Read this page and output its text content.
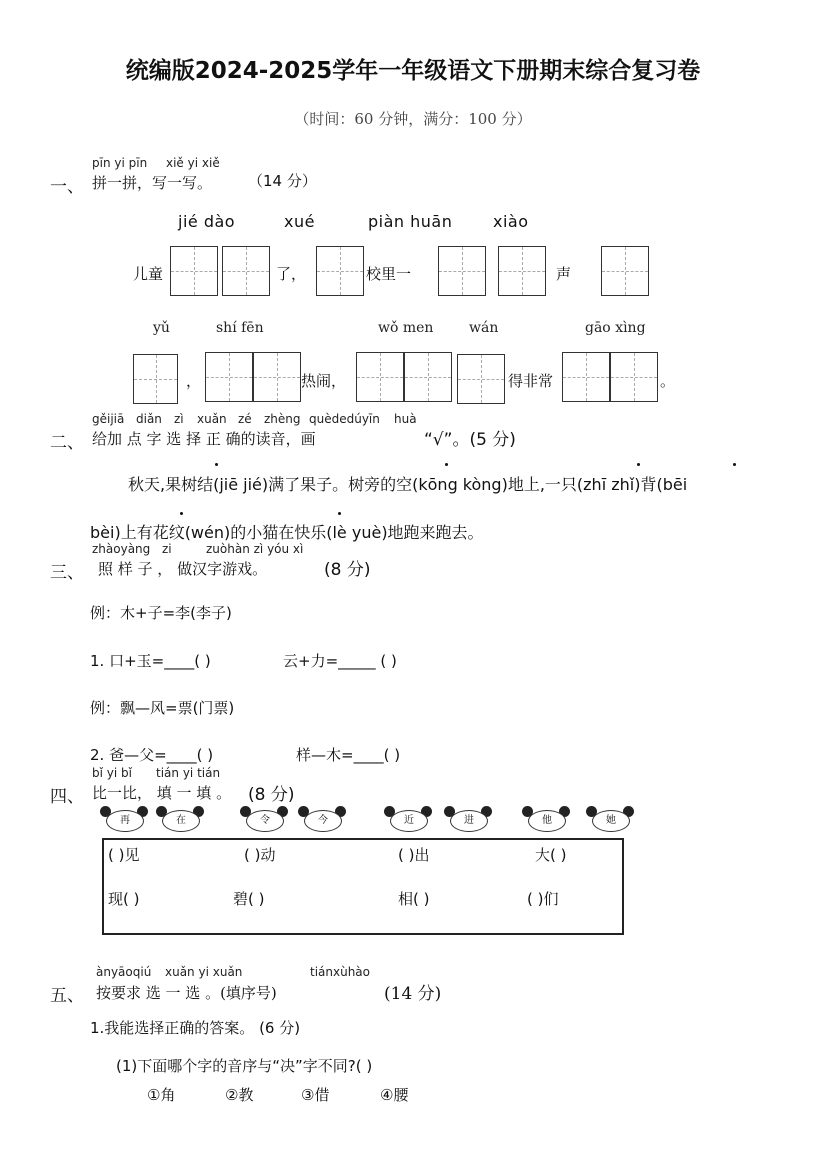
统编版2024-2025学年一年级语文下册期末综合复习卷
（时间：60 分钟，满分：100 分）
一、
pīn yi pīn xiě yi xiě
拼一拼，写一写。 （14 分）
jié dào	xué	piàn huān	xiào
儿童	了，	校里一	声
yǔ	shí fēn	wǒ men	wán	gāo xìng
，	热闹，	得非常	。
二、
gěijiā diǎn zì xuǎn zé zhèng quèdedúyīn huà
给加 点 字 选 择 正 确的读音，画	“√”。(5 分)
秋天,果树结(jiē jié)满了果子。树旁的空(kōng kòng)地上,一只(zhī zhǐ)背(bēi
bèi)上有花纹(wén)的小猫在快乐(lè yuè)地跑来跑去。
三、
zhàoyàng zi	zuòhàn zì yóu xì
照 样 子 ， 做汉字游戏。	(8 分)
例：木+子=李(李子)
1. 口+玉=____( )	云+力=_____ ( )
例：飘—风=票(门票)
2. 爸—父=____( )	样—木=____( )
四、
bǐ yi bǐ tián yi tián
比一比， 填 一 填 。 (8 分)
再	在	令	今	近	进	他	她
( )见	( )动	( )出	大( )
现( )	碧( )	相( )	( )们
五、
ànyāoqiú xuǎn yi xuǎn	tiánxùhào
按要求 选 一 选 。(填序号)	(14 分)
1.我能选择正确的答案。 (6 分)
(1)下面哪个字的音序与“决”字不同?( )
①角	②教	③借	④腰
